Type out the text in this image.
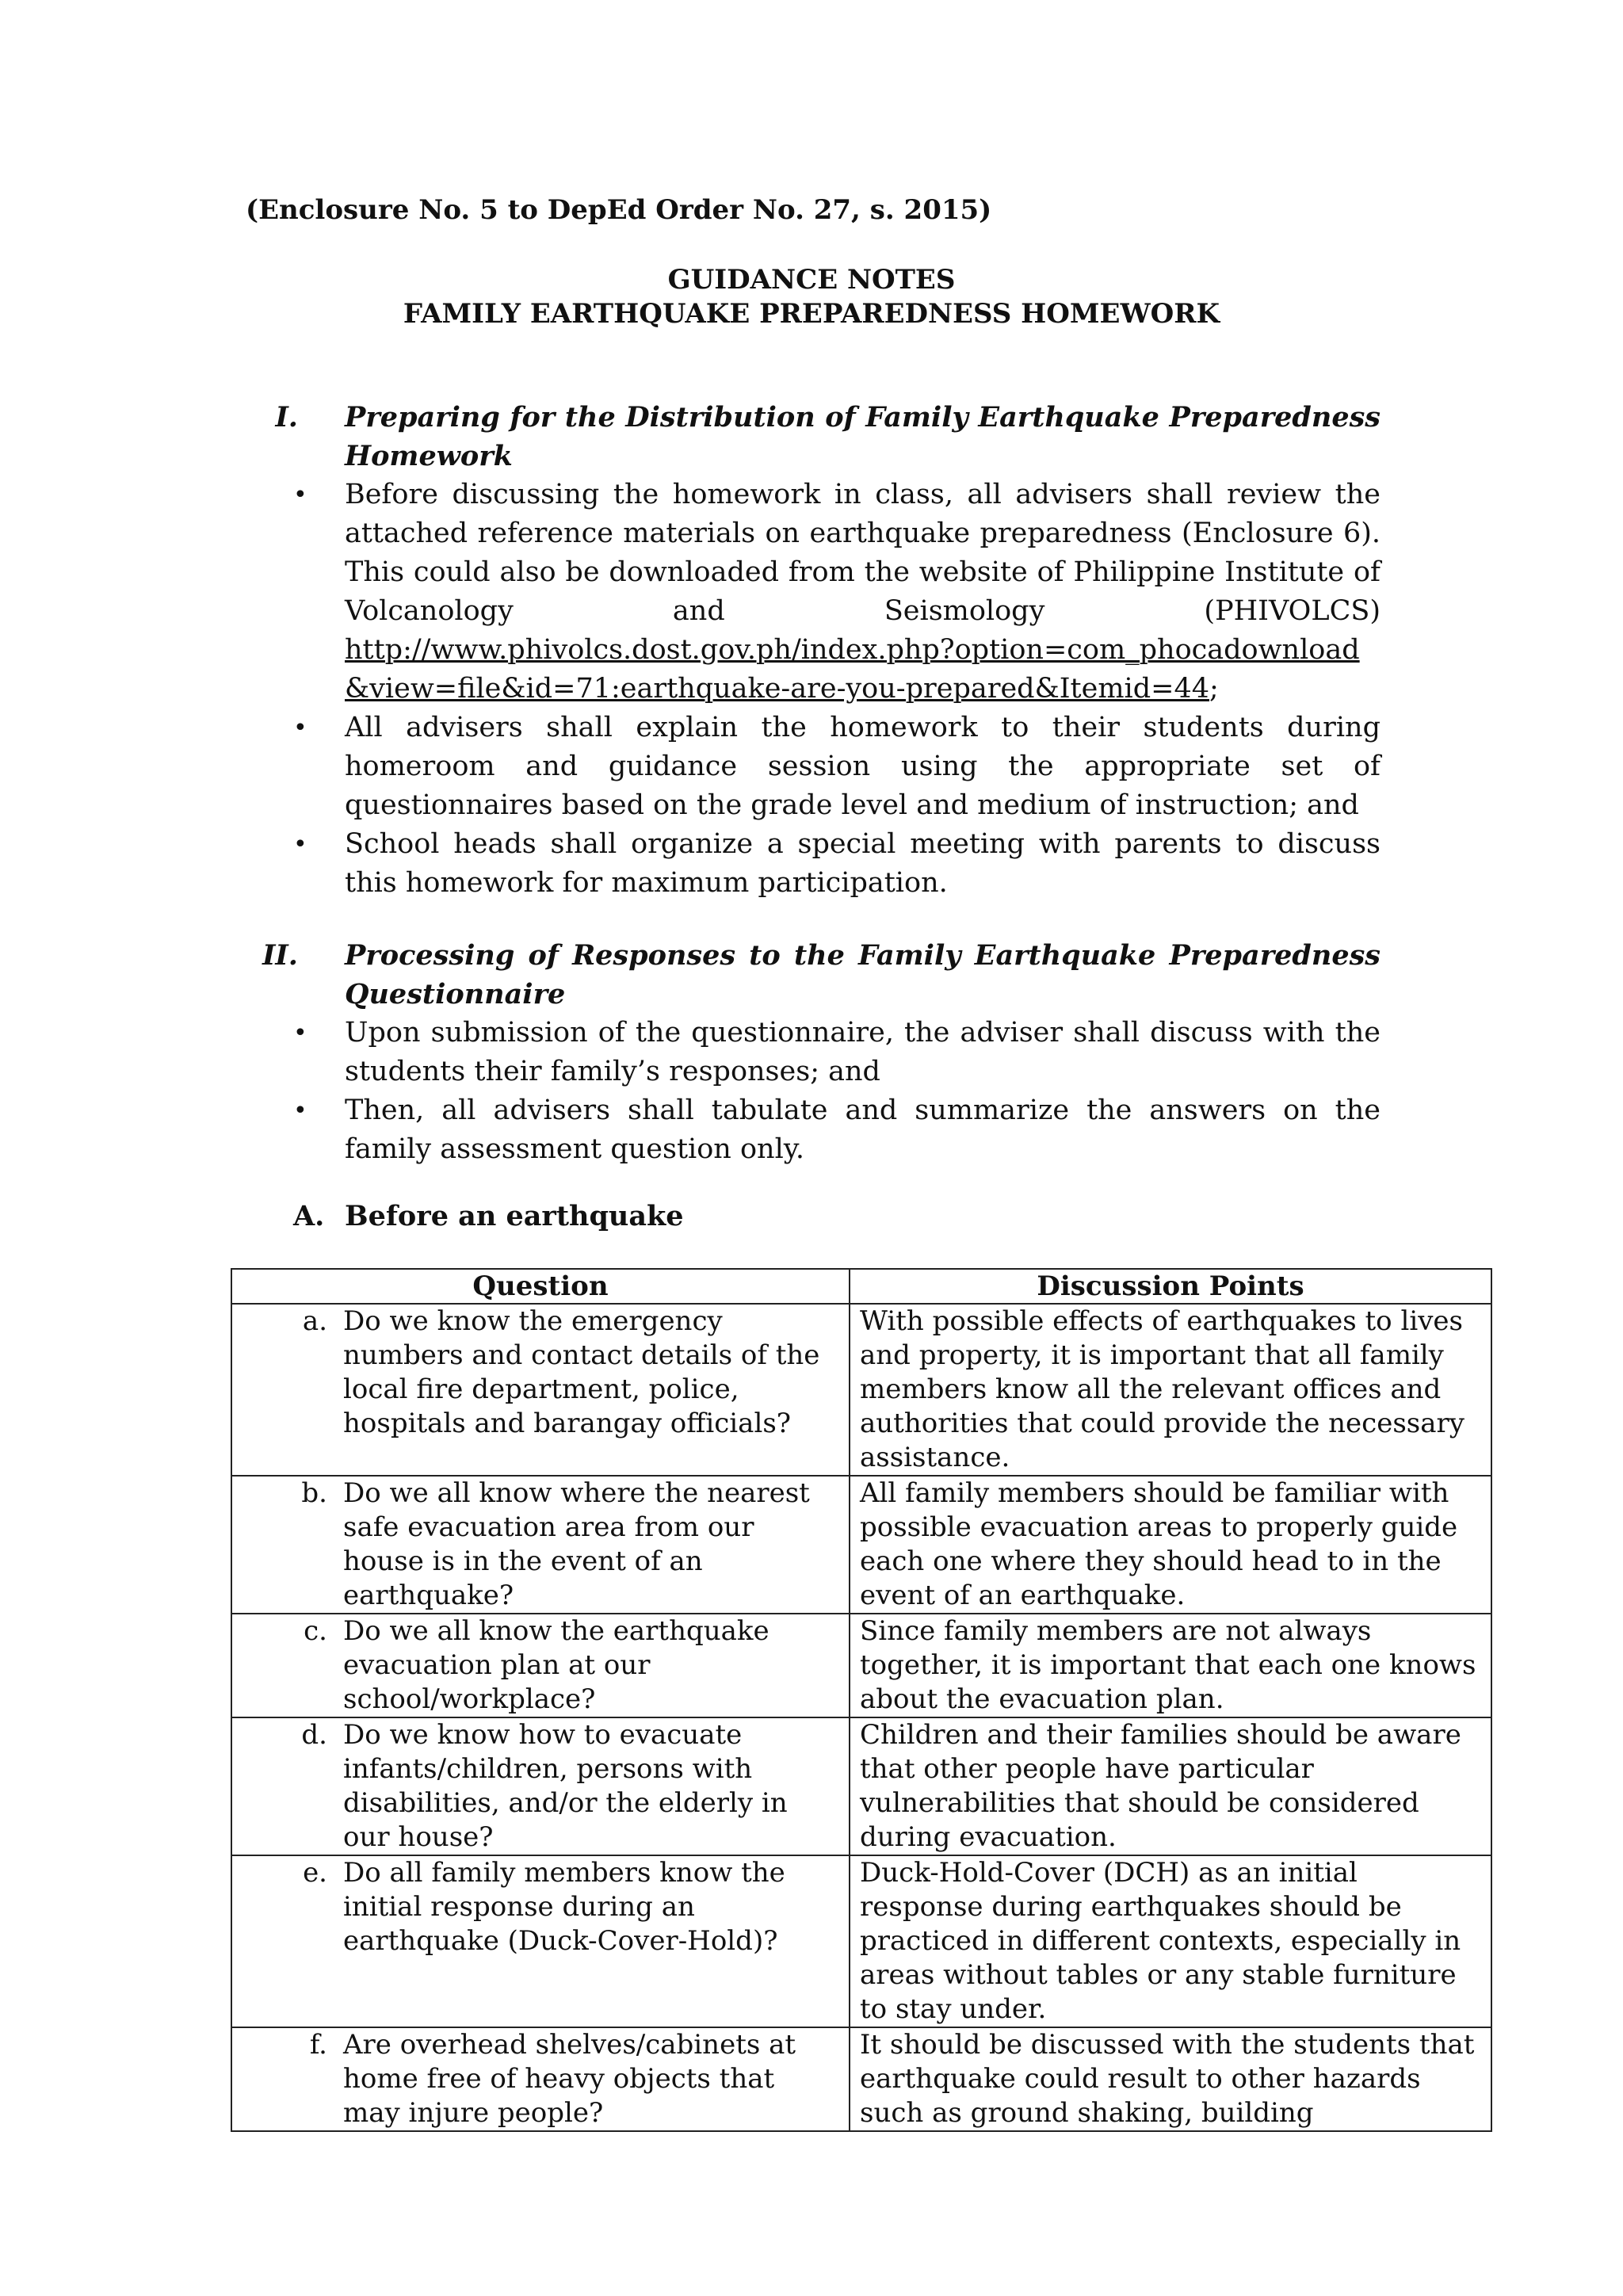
(Enclosure No. 5 to DepEd Order No. 27, s. 2015)
GUIDANCE NOTES
FAMILY EARTHQUAKE PREPAREDNESS HOMEWORK
I. Preparing for the Distribution of Family Earthquake Preparedness Homework
• Before discussing the homework in class, all advisers shall review the attached reference materials on earthquake preparedness (Enclosure 6). This could also be downloaded from the website of Philippine Institute of Volcanology and Seismology (PHIVOLCS) http://www.phivolcs.dost.gov.ph/index.php?option=com_phocadownload &view=file&id=71:earthquake-are-you-prepared&Itemid=44;
• All advisers shall explain the homework to their students during homeroom and guidance session using the appropriate set of questionnaires based on the grade level and medium of instruction; and
• School heads shall organize a special meeting with parents to discuss this homework for maximum participation.
II. Processing of Responses to the Family Earthquake Preparedness Questionnaire
• Upon submission of the questionnaire, the adviser shall discuss with the students their family’s responses; and
• Then, all advisers shall tabulate and summarize the answers on the family assessment question only.
A. Before an earthquake
Question	Discussion Points

a. Do we know the emergency numbers and contact details of the local fire department, police, hospitals and barangay officials?	With possible effects of earthquakes to lives and property, it is important that all family members know all the relevant offices and authorities that could provide the necessary assistance.

b. Do we all know where the nearest safe evacuation area from our house is in the event of an earthquake?	All family members should be familiar with possible evacuation areas to properly guide each one where they should head to in the event of an earthquake.

c. Do we all know the earthquake evacuation plan at our school/workplace?	Since family members are not always together, it is important that each one knows about the evacuation plan.

d. Do we know how to evacuate infants/children, persons with disabilities, and/or the elderly in our house?	Children and their families should be aware that other people have particular vulnerabilities that should be considered during evacuation.

e. Do all family members know the initial response during an earthquake (Duck-Cover-Hold)?	Duck-Hold-Cover (DCH) as an initial response during earthquakes should be practiced in different contexts, especially in areas without tables or any stable furniture to stay under.

f. Are overhead shelves/cabinets at home free of heavy objects that may injure people?	It should be discussed with the students that earthquake could result to other hazards such as ground shaking, building
